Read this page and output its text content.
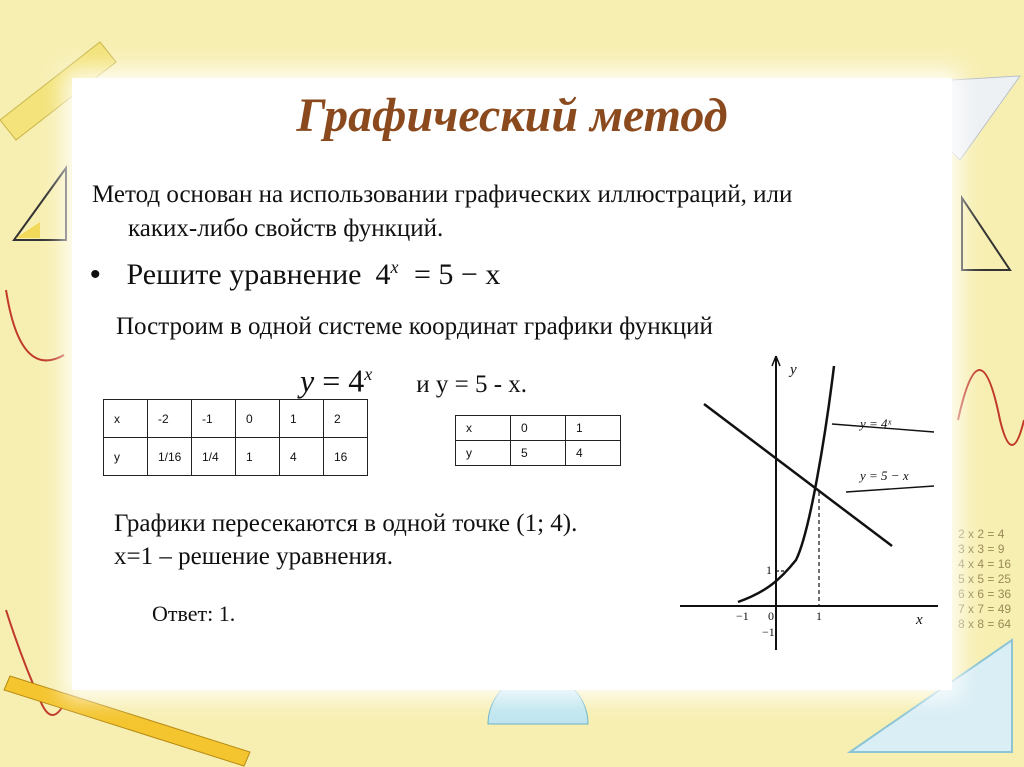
2 x 2 = 4
3 x 3 = 9
4 x 4 = 16
5 x 5 = 25
6 x 6 = 36
7 x 7 = 49
8 x 8 = 64
Графический метод
Метод основан на использовании графических иллюстраций, или
каких-либо свойств функций.
• Решите уравнение $4^x = 5 - x$
Построим в одной системе координат графики функций
$y = 4^x$ и у = 5 - х.
x	-2	-1	0	1	2
y	1/16	1/4	1	4	16
x	0	1
y	5	4
Графики пересекаются в одной точке (1; 4).
х=1 – решение уравнения.
Ответ: 1.
y
x
y = 4ˣ
y = 5 − x
−1 0	1
1
−1
